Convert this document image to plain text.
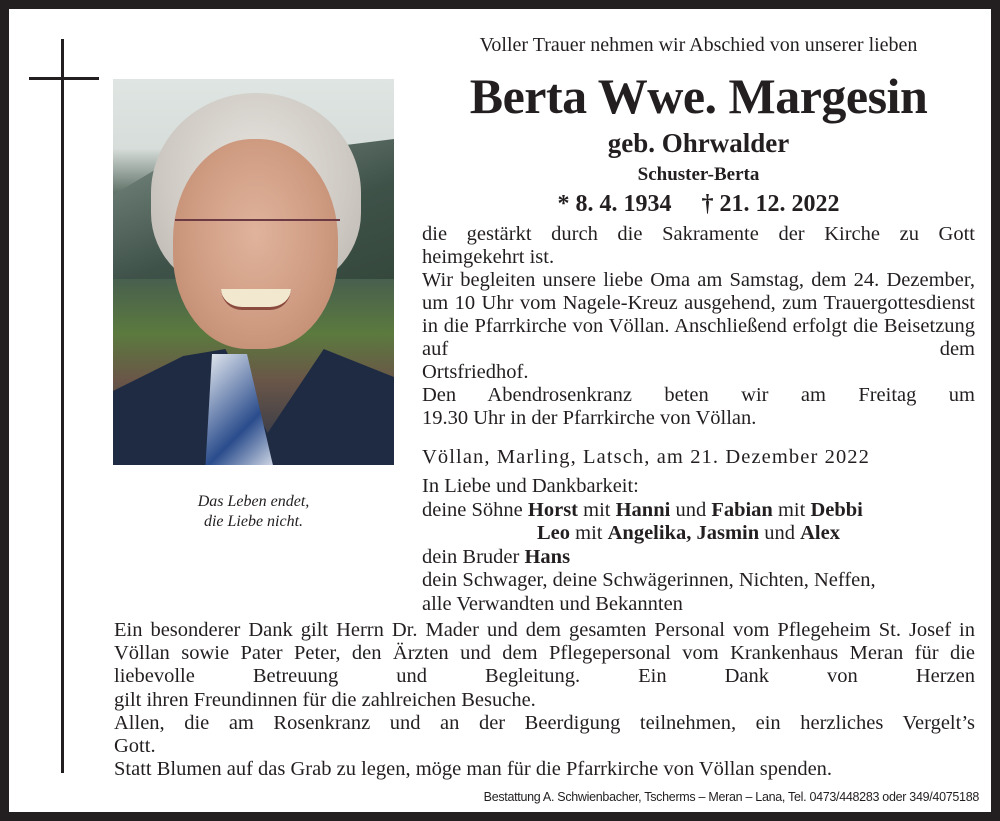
Das Leben endet,
die Liebe nicht.
Voller Trauer nehmen wir Abschied von unserer lieben
Berta Wwe. Margesin
geb. Ohrwalder
Schuster-Berta
* 8. 4. 1934 † 21. 12. 2022

die gestärkt durch die Sakramente der Kirche zu Gott

heimgekehrt ist.

Wir begleiten unsere liebe Oma am Samstag, dem 24. Dezember, um 10 Uhr vom Nagele-Kreuz ausgehend, zum Trauergottesdienst in die Pfarrkirche von Völlan. Anschließend erfolgt die Beisetzung auf dem

Ortsfriedhof.

Den Abendrosenkranz beten wir am Freitag um

19.30 Uhr in der Pfarrkirche von Völlan.

Völlan, Marling, Latsch, am 21. Dezember 2022
In Liebe und Dankbarkeit:
deine Söhne Horst mit Hanni und Fabian mit Debbi
Leo mit Angelika, Jasmin und Alex
dein Bruder Hans
dein Schwager, deine Schwägerinnen, Nichten, Neffen,
alle Verwandten und Bekannten

Ein besonderer Dank gilt Herrn Dr. Mader und dem gesamten Personal vom Pflegeheim St. Josef in Völlan sowie Pater Peter, den Ärzten und dem Pflegepersonal vom Krankenhaus Meran für die liebevolle Betreuung und Begleitung. Ein Dank von Herzen

gilt ihren Freundinnen für die zahlreichen Besuche.

Allen, die am Rosenkranz und an der Beerdigung teilnehmen, ein herzliches Vergelt’s

Gott.

Statt Blumen auf das Grab zu legen, möge man für die Pfarrkirche von Völlan spenden.

Bestattung A. Schwienbacher, Tscherms – Meran – Lana, Tel. 0473/448283 oder 349/4075188
